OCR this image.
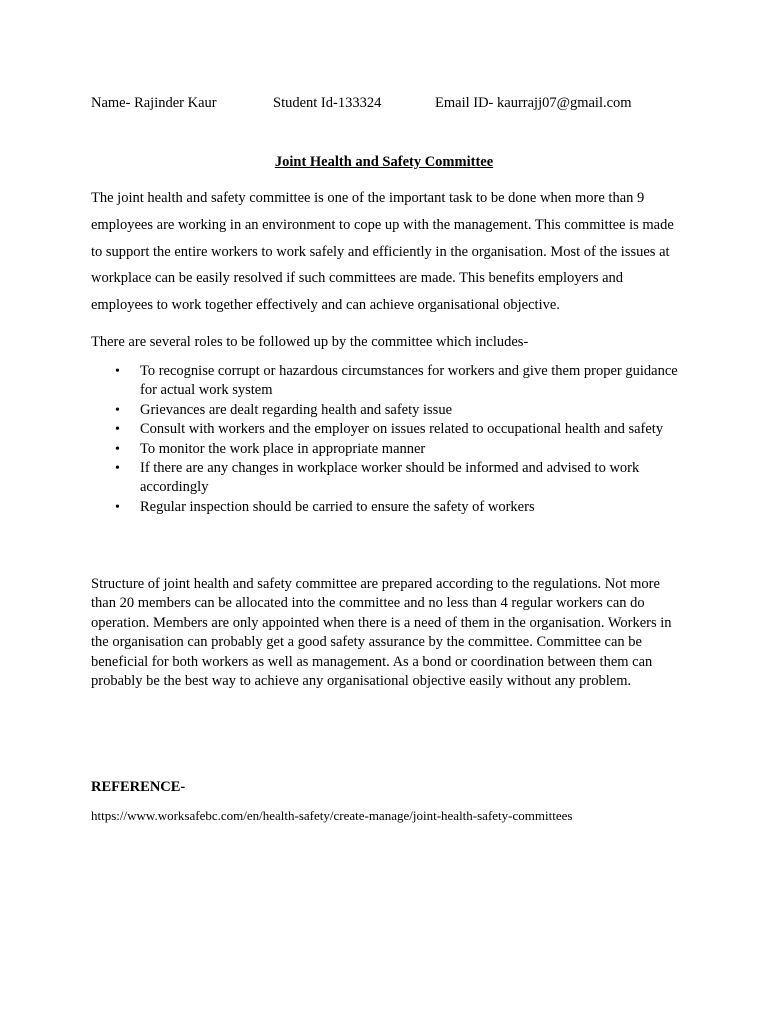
Name- Rajinder Kaur	Student Id-133324	Email ID- kaurrajj07@gmail.com
Joint Health and Safety Committee

The joint health and safety committee is one of the important task to be done when more than 9 employees are working in an environment to cope up with the management. This committee is made to support the entire workers to work safely and efficiently in the organisation. Most of the issues at workplace can be easily resolved if such committees are made. This benefits employers and employees to work together effectively and can achieve organisational objective.

There are several roles to be followed up by the committee which includes-

• To recognise corrupt or hazardous circumstances for workers and give them proper guidance for actual work system
• Grievances are dealt regarding health and safety issue
• Consult with workers and the employer on issues related to occupational health and safety
• To monitor the work place in appropriate manner
• If there are any changes in workplace worker should be informed and advised to work accordingly
• Regular inspection should be carried to ensure the safety of workers

Structure of joint health and safety committee are prepared according to the regulations. Not more than 20 members can be allocated into the committee and no less than 4 regular workers can do operation. Members are only appointed when there is a need of them in the organisation. Workers in the organisation can probably get a good safety assurance by the committee. Committee can be beneficial for both workers as well as management. As a bond or coordination between them can probably be the best way to achieve any organisational objective easily without any problem.

REFERENCE-
https://www.worksafebc.com/en/health-safety/create-manage/joint-health-safety-committees
